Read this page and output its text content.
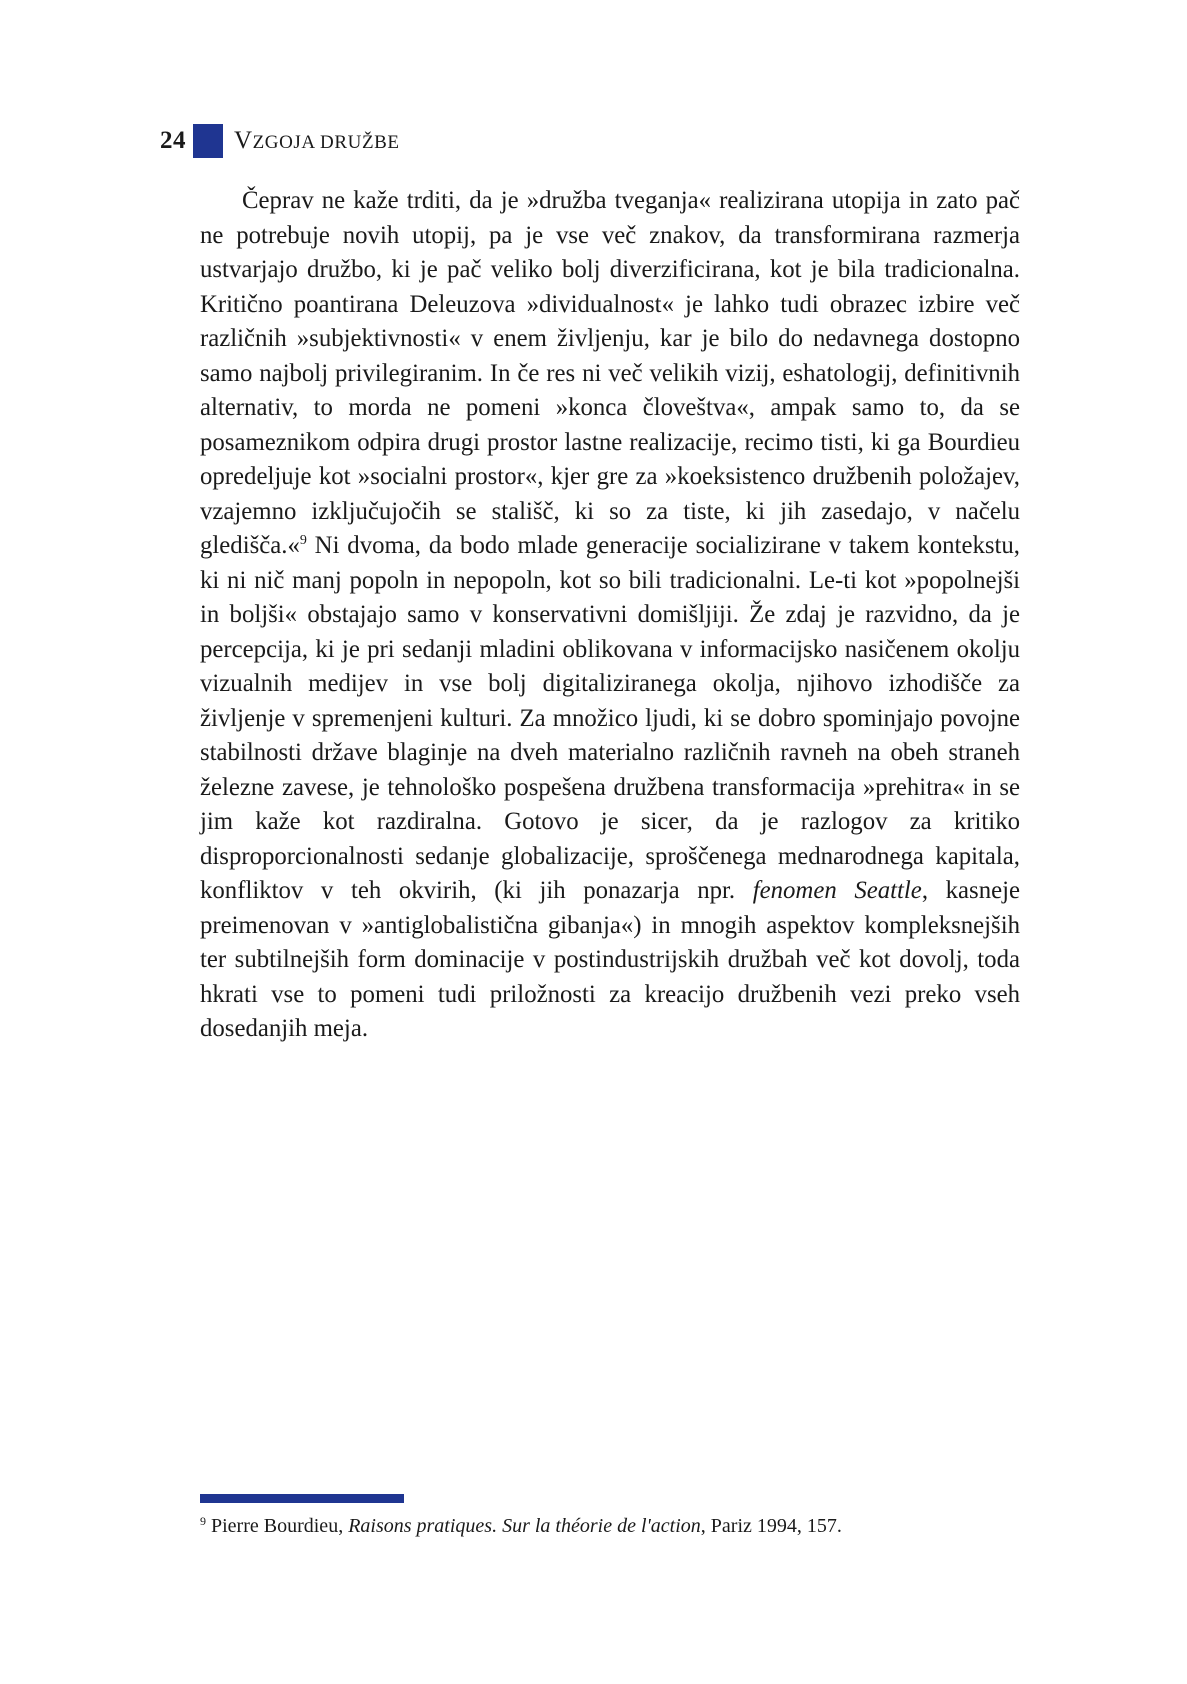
24 VZGOJA DRUŽBE

Čeprav ne kaže trditi, da je »družba tveganja« realizirana utopija in zato pač ne potrebuje novih utopij, pa je vse več znakov, da transformirana razmerja ustvarjajo družbo, ki je pač veliko bolj diverzificirana, kot je bila tradicionalna. Kritično poantirana Deleuzova »dividualnost« je lahko tudi obrazec izbire več različnih »subjektivnosti« v enem življenju, kar je bilo do nedavnega dostopno samo najbolj privilegiranim. In če res ni več velikih vizij, eshatologij, definitivnih alternativ, to morda ne pomeni »konca človeštva«, ampak samo to, da se posameznikom odpira drugi prostor lastne realizacije, recimo tisti, ki ga Bourdieu opredeljuje kot »socialni prostor«, kjer gre za »koeksistenco družbenih položajev, vzajemno izključujočih se stališč, ki so za tiste, ki jih zasedajo, v načelu gledišča.«$^9$ Ni dvoma, da bodo mlade generacije socializirane v takem kontekstu, ki ni nič manj popoln in nepopoln, kot so bili tradicionalni. Le-ti kot »popolnejši in boljši« obstajajo samo v konservativni domišljiji. Že zdaj je razvidno, da je percepcija, ki je pri sedanji mladini oblikovana v informacijsko nasičenem okolju vizualnih medijev in vse bolj digitaliziranega okolja, njihovo izhodišče za življenje v spremenjeni kulturi. Za množico ljudi, ki se dobro spominjajo povojne stabilnosti države blaginje na dveh materialno različnih ravneh na obeh straneh železne zavese, je tehnološko pospešena družbena transformacija »prehitra« in se jim kaže kot razdiralna. Gotovo je sicer, da je razlogov za kritiko disproporcionalnosti sedanje globalizacije, sproščenega mednarodnega kapitala, konfliktov v teh okvirih, (ki jih ponazarja npr. fenomen Seattle, kasneje preimenovan v »antiglobalistična gibanja«) in mnogih aspektov kompleksnejših ter subtilnejših form dominacije v postindustrijskih družbah več kot dovolj, toda hkrati vse to pomeni tudi priložnosti za kreacijo družbenih vezi preko vseh dosedanjih meja.

$^9$ Pierre Bourdieu, Raisons pratiques. Sur la théorie de l'action, Pariz 1994, 157.
